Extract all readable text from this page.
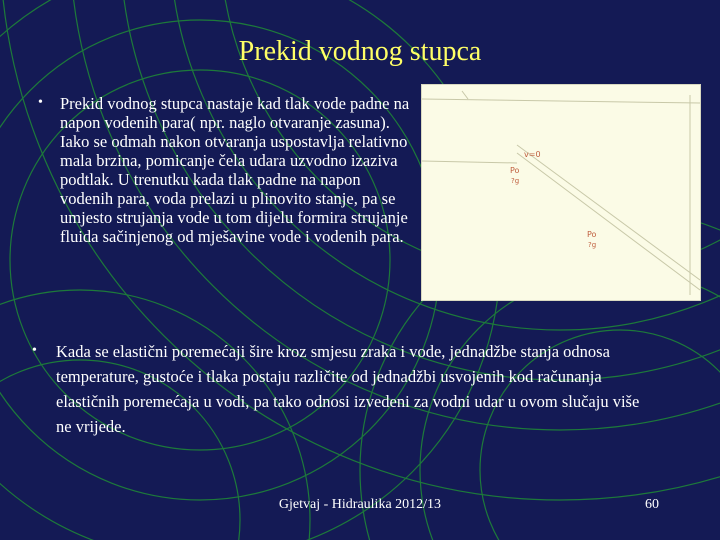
Prekid vodnog stupca
• Prekid vodnog stupca nastaje kad tlak vode padne na napon vodenih para( npr. naglo otvaranje zasuna). Iako se odmah nakon otvaranja uspostavlja relativno mala brzina, pomicanje čela udara uzvodno izaziva podtlak. U trenutku kada tlak padne na napon vodenih para, voda prelazi u plinovito stanje, pa se umjesto strujanja vode u tom dijelu formira strujanje fluida sačinjenog od mješavine vode i vodenih para.
v=0
Po
?g
Po
?g
• Kada se elastični poremećaji šire kroz smjesu zraka i vode, jednadžbe stanja odnosa temperature, gustoće i tlaka postaju različite od jednadžbi usvojenih kod računanja elastičnih poremećaja u vodi, pa tako odnosi izvedeni za vodni udar u ovom slučaju više ne vrijede.
Gjetvaj - Hidraulika 2012/13	60
